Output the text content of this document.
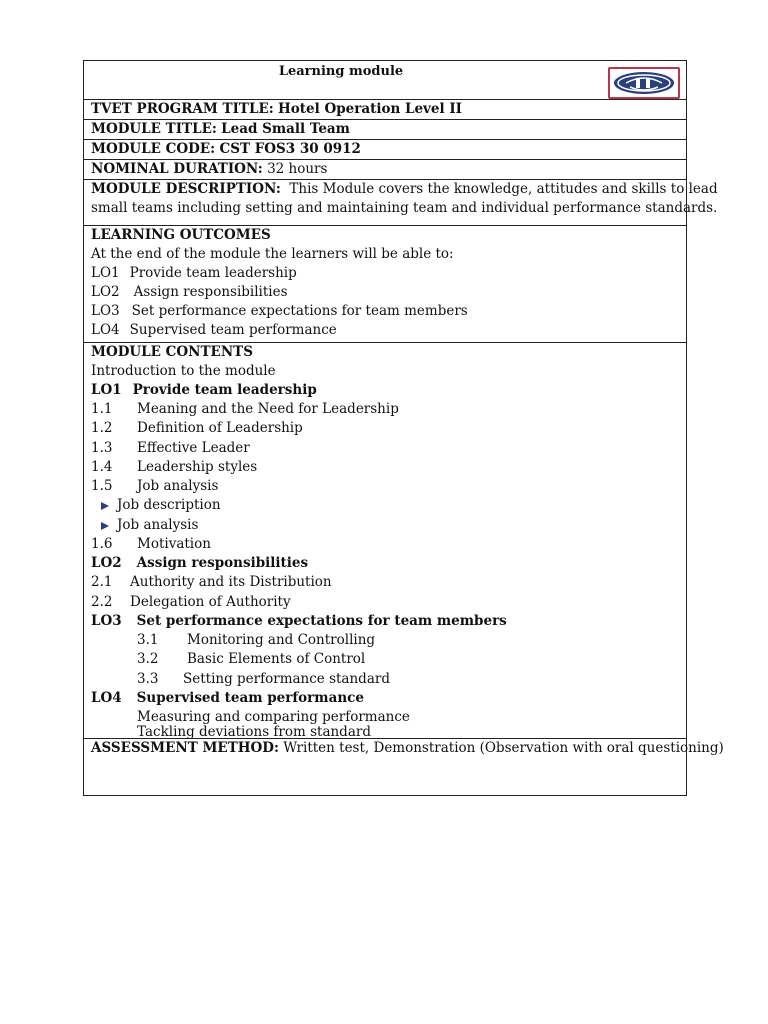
Learning module
TVET PROGRAM TITLE: Hotel Operation Level II
MODULE TITLE: Lead Small Team
MODULE CODE: CST FOS3 30 0912
NOMINAL DURATION: 32 hours
MODULE DESCRIPTION: This Module covers the knowledge, attitudes and skills to lead
small teams including setting and maintaining team and individual performance standards.
LEARNING OUTCOMES
At the end of the module the learners will be able to:
LO1 Provide team leadership
LO2 Assign responsibilities
LO3 Set performance expectations for team members
LO4 Supervised team performance
MODULE CONTENTS
Introduction to the module
LO1 Provide team leadership
1.1 Meaning and the Need for Leadership
1.2 Definition of Leadership
1.3 Effective Leader
1.4 Leadership styles
1.5 Job analysis
Job description
Job analysis
1.6 Motivation
LO2 Assign responsibilities
2.1 Authority and its Distribution
2.2 Delegation of Authority
LO3 Set performance expectations for team members
3.1 Monitoring and Controlling
3.2 Basic Elements of Control
3.3 Setting performance standard
LO4 Supervised team performance
Measuring and comparing performance
Tackling deviations from standard
ASSESSMENT METHOD: Written test, Demonstration (Observation with oral questioning)
